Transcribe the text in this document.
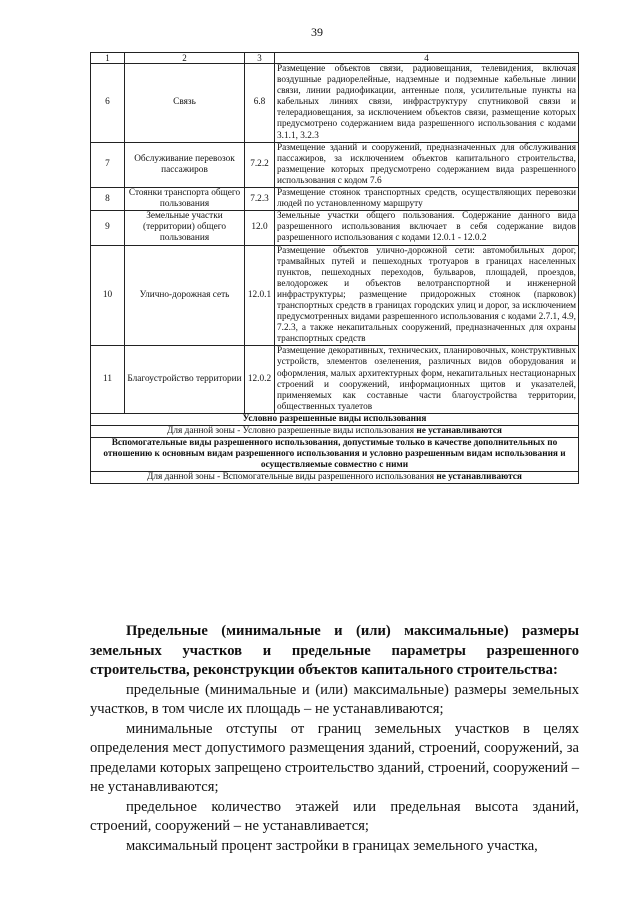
39
1	2	3	4
6	Связь	6.8	Размещение объектов связи, радиовещания, телевидения, включая воздушные радиорелейные, надземные и подземные кабельные линии связи, линии радиофикации, антенные поля, усилительные пункты на кабельных линиях связи, инфраструктуру спутниковой связи и телерадиовещания, за исключением объектов связи, размещение которых предусмотрено содержанием вида разрешенного использования с кодами 3.1.1, 3.2.3
7	Обслуживание перевозок пассажиров	7.2.2	Размещение зданий и сооружений, предназначенных для обслуживания пассажиров, за исключением объектов капитального строительства, размещение которых предусмотрено содержанием вида разрешенного использования с кодом 7.6
8	Стоянки транспорта общего пользования	7.2.3	Размещение стоянок транспортных средств, осуществляющих перевозки людей по установленному маршруту
9	Земельные участки (территории) общего пользования	12.0	Земельные участки общего пользования. Содержание данного вида разрешенного использования включает в себя содержание видов разрешенного использования с кодами 12.0.1 - 12.0.2
10	Улично-дорожная сеть	12.0.1	Размещение объектов улично-дорожной сети: автомобильных дорог, трамвайных путей и пешеходных тротуаров в границах населенных пунктов, пешеходных переходов, бульваров, площадей, проездов, велодорожек и объектов велотранспортной и инженерной инфраструктуры; размещение придорожных стоянок (парковок) транспортных средств в границах городских улиц и дорог, за исключением предусмотренных видами разрешенного использования с кодами 2.7.1, 4.9, 7.2.3, а также некапитальных сооружений, предназначенных для охраны транспортных средств
11	Благоустройство территории	12.0.2	Размещение декоративных, технических, планировочных, конструктивных устройств, элементов озеленения, различных видов оборудования и оформления, малых архитектурных форм, некапитальных нестационарных строений и сооружений, информационных щитов и указателей, применяемых как составные части благоустройства территории, общественных туалетов
Условно разрешенные виды использования			
Для данной зоны - Условно разрешенные виды использования не устанавливаются			
Вспомогательные виды разрешенного использования, допустимые только в качестве дополнительных по отношению к основным видам разрешенного использования и условно разрешенным видам использования и осуществляемые совместно с ними			
Для данной зоны - Вспомогательные виды разрешенного использования не устанавливаются			

Предельные (минимальные и (или) максимальные) размеры земельных участков и предельные параметры разрешенного строительства, реконструкции объектов капитального строительства:

предельные (минимальные и (или) максимальные) размеры земельных участков, в том числе их площадь – не устанавливаются;

минимальные отступы от границ земельных участков в целях определения мест допустимого размещения зданий, строений, сооружений, за пределами которых запрещено строительство зданий, строений, сооружений – не устанавливаются;

предельное количество этажей или предельная высота зданий, строений, сооружений – не устанавливается;

максимальный процент застройки в границах земельного участка,
